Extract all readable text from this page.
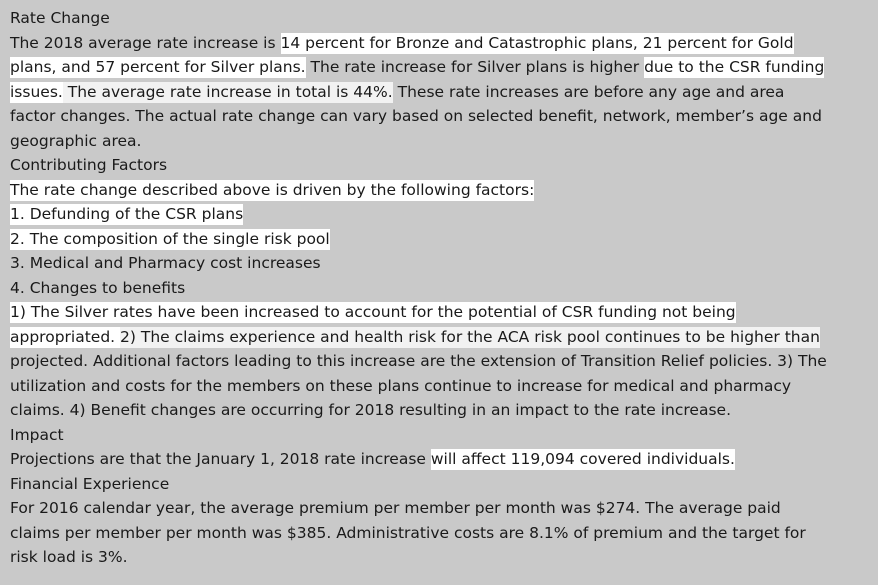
Rate Change
The 2018 average rate increase is 14 percent for Bronze and Catastrophic plans, 21 percent for Gold
plans, and 57 percent for Silver plans. The rate increase for Silver plans is higher due to the CSR funding
issues. The average rate increase in total is 44%. These rate increases are before any age and area
factor changes. The actual rate change can vary based on selected benefit, network, member’s age and
geographic area.
Contributing Factors
The rate change described above is driven by the following factors:
1. Defunding of the CSR plans
2. The composition of the single risk pool
3. Medical and Pharmacy cost increases
4. Changes to benefits
1) The Silver rates have been increased to account for the potential of CSR funding not being
appropriated. 2) The claims experience and health risk for the ACA risk pool continues to be higher than
projected. Additional factors leading to this increase are the extension of Transition Relief policies. 3) The
utilization and costs for the members on these plans continue to increase for medical and pharmacy
claims. 4) Benefit changes are occurring for 2018 resulting in an impact to the rate increase.
Impact
Projections are that the January 1, 2018 rate increase will affect 119,094 covered individuals.
Financial Experience
For 2016 calendar year, the average premium per member per month was $274. The average paid
claims per member per month was $385. Administrative costs are 8.1% of premium and the target for
risk load is 3%.
